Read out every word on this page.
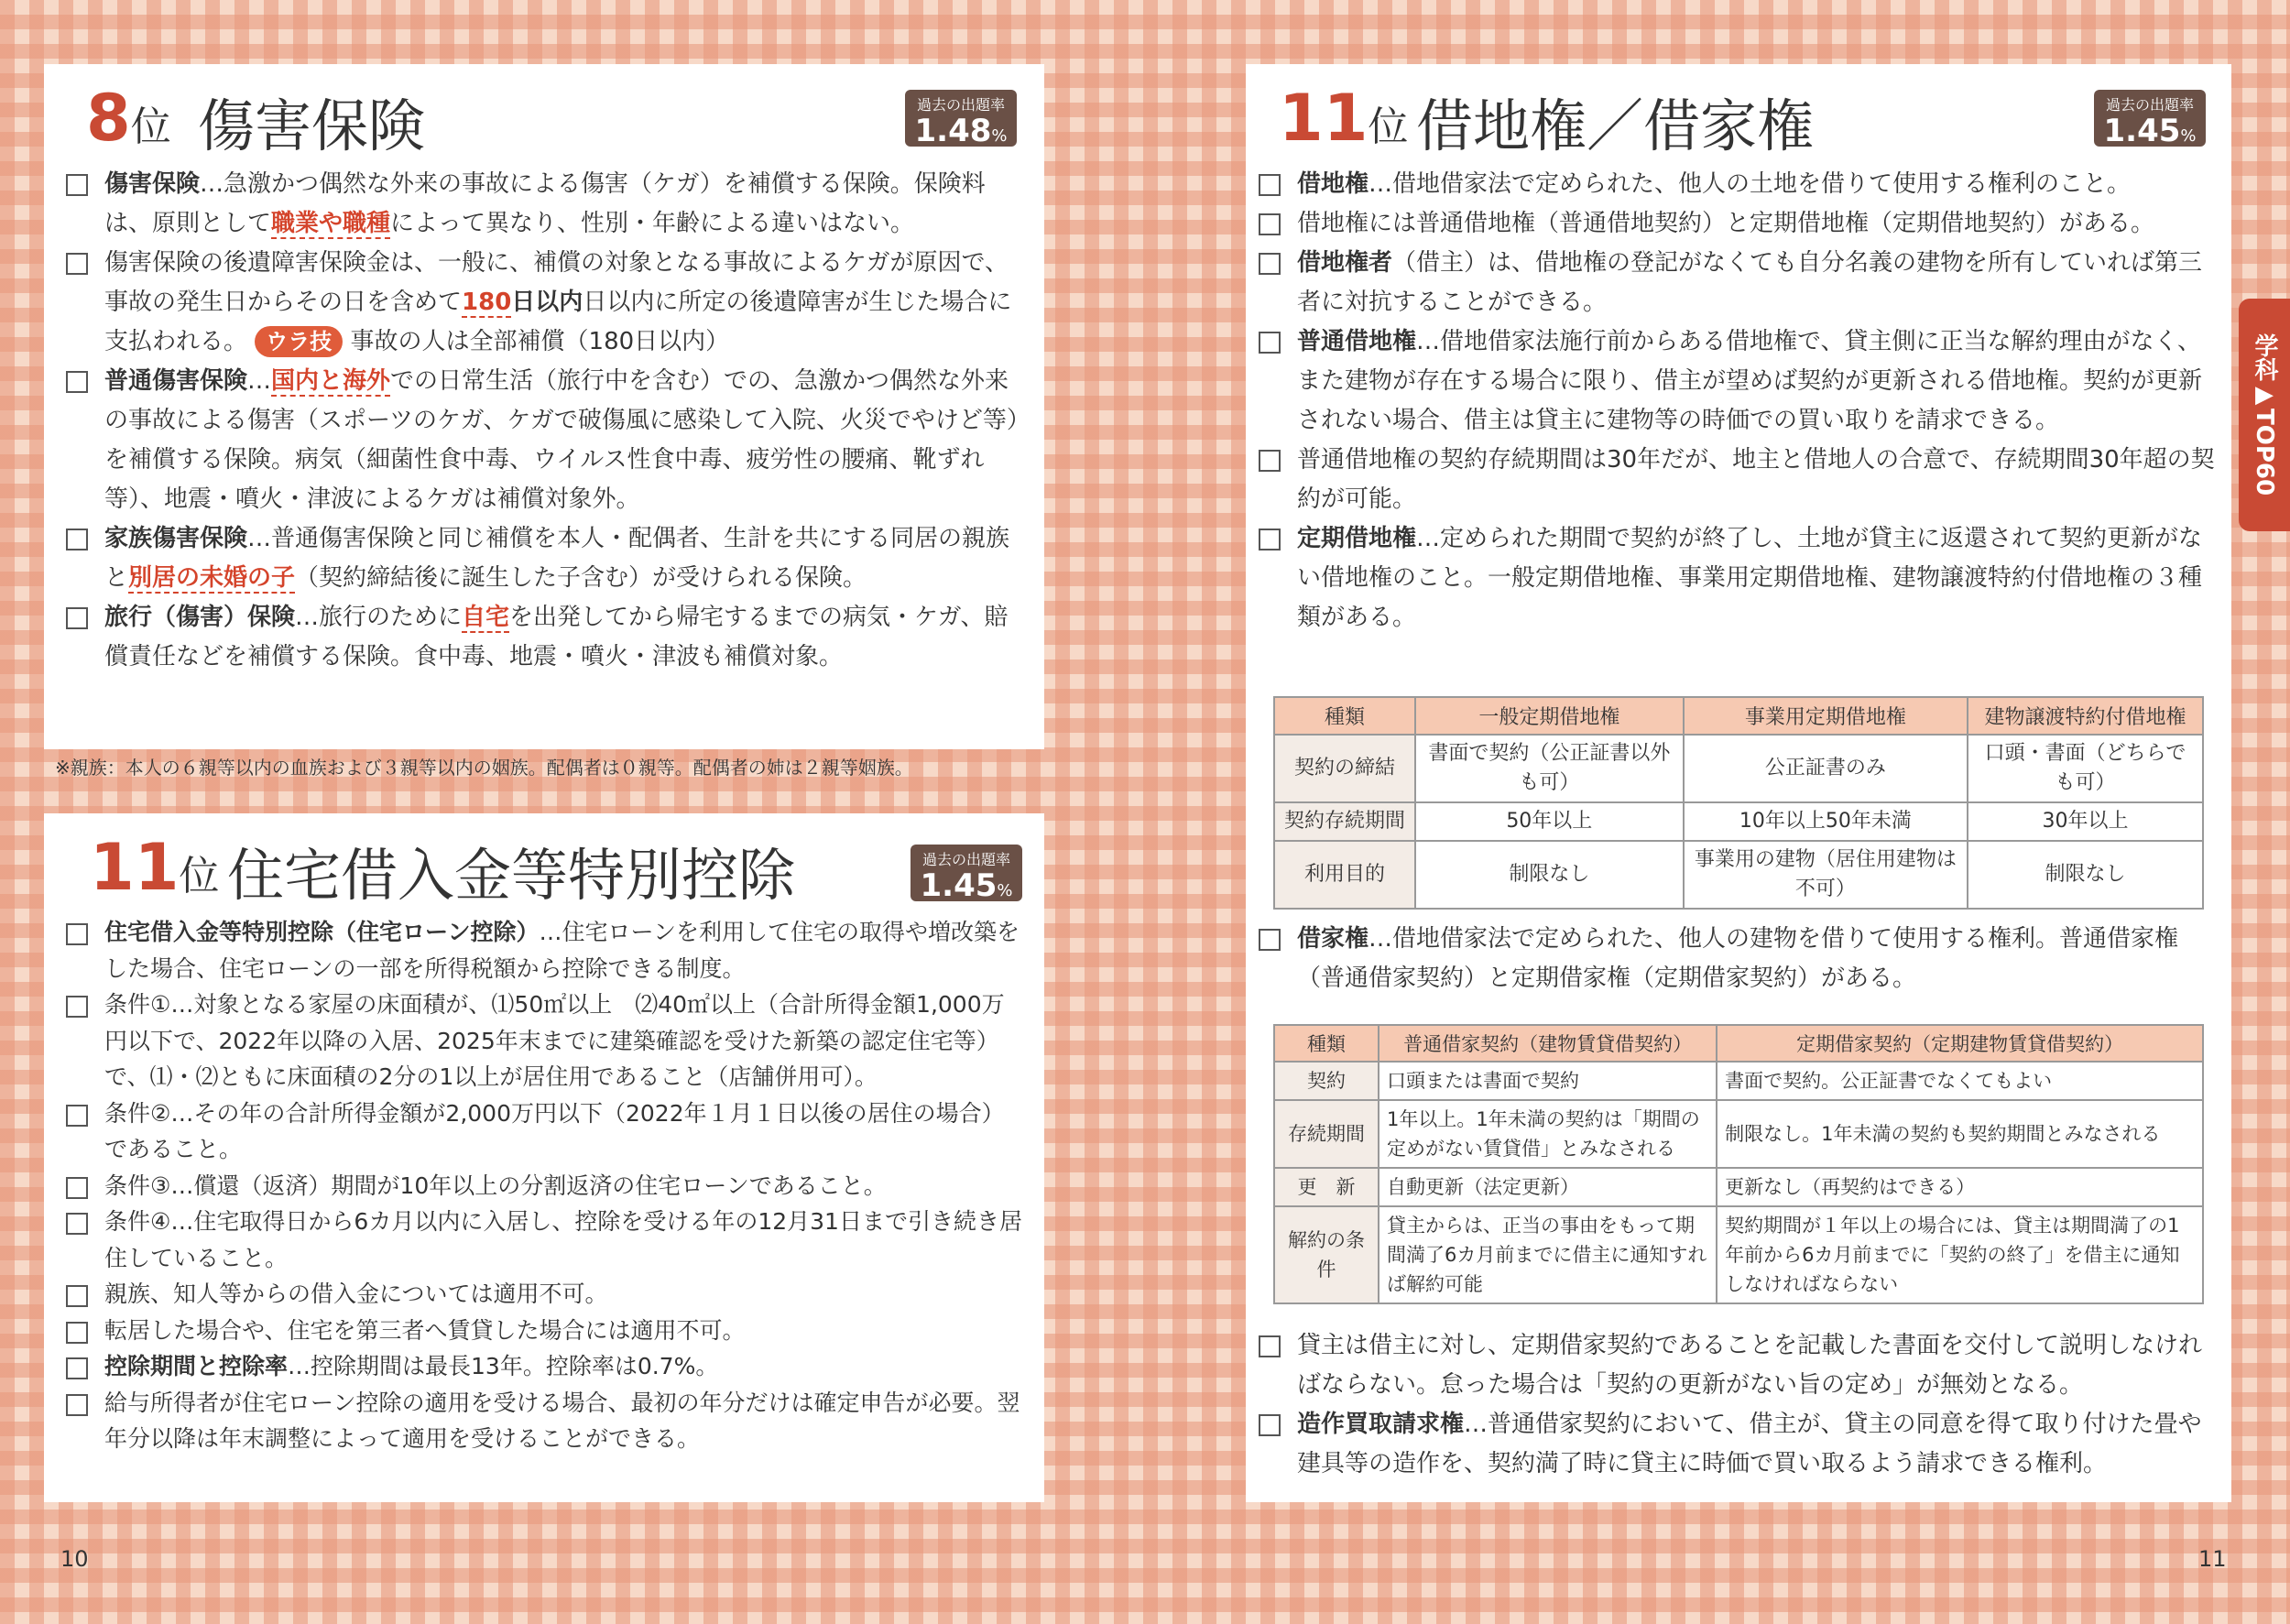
8位 傷害保険	過去の出題率
1.48%
傷害保険…急激かつ偶然な外来の事故による傷害（ケガ）を補償する保険。保険料は、原則として職業や職種によって異なり、性別・年齢による違いはない。
傷害保険の後遺障害保険金は、一般に、補償の対象となる事故によるケガが原因で、事故の発生日からその日を含めて180日以内日以内に所定の後遺障害が生じた場合に支払われる。 ウラ技 事故の人は全部補償（180日以内）
普通傷害保険…国内と海外での日常生活（旅行中を含む）での、急激かつ偶然な外来の事故による傷害（スポーツのケガ、ケガで破傷風に感染して入院、火災でやけど等）を補償する保険。病気（細菌性食中毒、ウイルス性食中毒、疲労性の腰痛、靴ずれ等）、地震・噴火・津波によるケガは補償対象外。
家族傷害保険…普通傷害保険と同じ補償を本人・配偶者、生計を共にする同居の親族と別居の未婚の子（契約締結後に誕生した子含む）が受けられる保険。
旅行（傷害）保険…旅行のために自宅を出発してから帰宅するまでの病気・ケガ、賠償責任などを補償する保険。食中毒、地震・噴火・津波も補償対象。
※親族：本人の６親等以内の血族および３親等以内の姻族。配偶者は０親等。配偶者の姉は２親等姻族。
11位 住宅借入金等特別控除	過去の出題率
1.45%
住宅借入金等特別控除（住宅ローン控除）…住宅ローンを利用して住宅の取得や増改築をした場合、住宅ローンの一部を所得税額から控除できる制度。
条件①…対象となる家屋の床面積が、⑴50㎡以上　⑵40㎡以上（合計所得金額1,000万円以下で、2022年以降の入居、2025年末までに建築確認を受けた新築の認定住宅等）で、⑴・⑵ともに床面積の2分の1以上が居住用であること（店舗併用可）。
条件②…その年の合計所得金額が2,000万円以下（2022年１月１日以後の居住の場合）であること。
条件③…償還（返済）期間が10年以上の分割返済の住宅ローンであること。
条件④…住宅取得日から6カ月以内に入居し、控除を受ける年の12月31日まで引き続き居住していること。
親族、知人等からの借入金については適用不可。
転居した場合や、住宅を第三者へ賃貸した場合には適用不可。
控除期間と控除率…控除期間は最長13年。控除率は0.7%。
給与所得者が住宅ローン控除の適用を受ける場合、最初の年分だけは確定申告が必要。翌年分以降は年末調整によって適用を受けることができる。
10
11位 借地権／借家権	過去の出題率
1.45%
借地権…借地借家法で定められた、他人の土地を借りて使用する権利のこと。
借地権には普通借地権（普通借地契約）と定期借地権（定期借地契約）がある。
借地権者（借主）は、借地権の登記がなくても自分名義の建物を所有していれば第三者に対抗することができる。
普通借地権…借地借家法施行前からある借地権で、貸主側に正当な解約理由がなく、また建物が存在する場合に限り、借主が望めば契約が更新される借地権。契約が更新されない場合、借主は貸主に建物等の時価での買い取りを請求できる。
普通借地権の契約存続期間は30年だが、地主と借地人の合意で、存続期間30年超の契約が可能。
定期借地権…定められた期間で契約が終了し、土地が貸主に返還されて契約更新がない借地権のこと。一般定期借地権、事業用定期借地権、建物譲渡特約付借地権の３種類がある。
種類	一般定期借地権	事業用定期借地権	建物譲渡特約付借地権
契約の締結	書面で契約（公正証書以外も可）	公正証書のみ	口頭・書面（どちらでも可）
契約存続期間	50年以上	10年以上50年未満	30年以上
利用目的	制限なし	事業用の建物（居住用建物は不可）	制限なし
借家権…借地借家法で定められた、他人の建物を借りて使用する権利。普通借家権（普通借家契約）と定期借家権（定期借家契約）がある。
種類	普通借家契約（建物賃貸借契約）	定期借家契約（定期建物賃貸借契約）
契約	口頭または書面で契約	書面で契約。公正証書でなくてもよい
存続期間	1年以上。1年未満の契約は「期間の定めがない賃貸借」とみなされる	制限なし。1年未満の契約も契約期間とみなされる
更　新	自動更新（法定更新）	更新なし（再契約はできる）
解約の条件	貸主からは、正当の事由をもって期間満了6カ月前までに借主に通知すれば解約可能	契約期間が１年以上の場合には、貸主は期間満了の1年前から6カ月前までに「契約の終了」を借主に通知しなければならない
貸主は借主に対し、定期借家契約であることを記載した書面を交付して説明しなければならない。怠った場合は「契約の更新がない旨の定め」が無効となる。
造作買取請求権…普通借家契約において、借主が、貸主の同意を得て取り付けた畳や建具等の造作を、契約満了時に貸主に時価で買い取るよう請求できる権利。
学科▶TOP60
11
